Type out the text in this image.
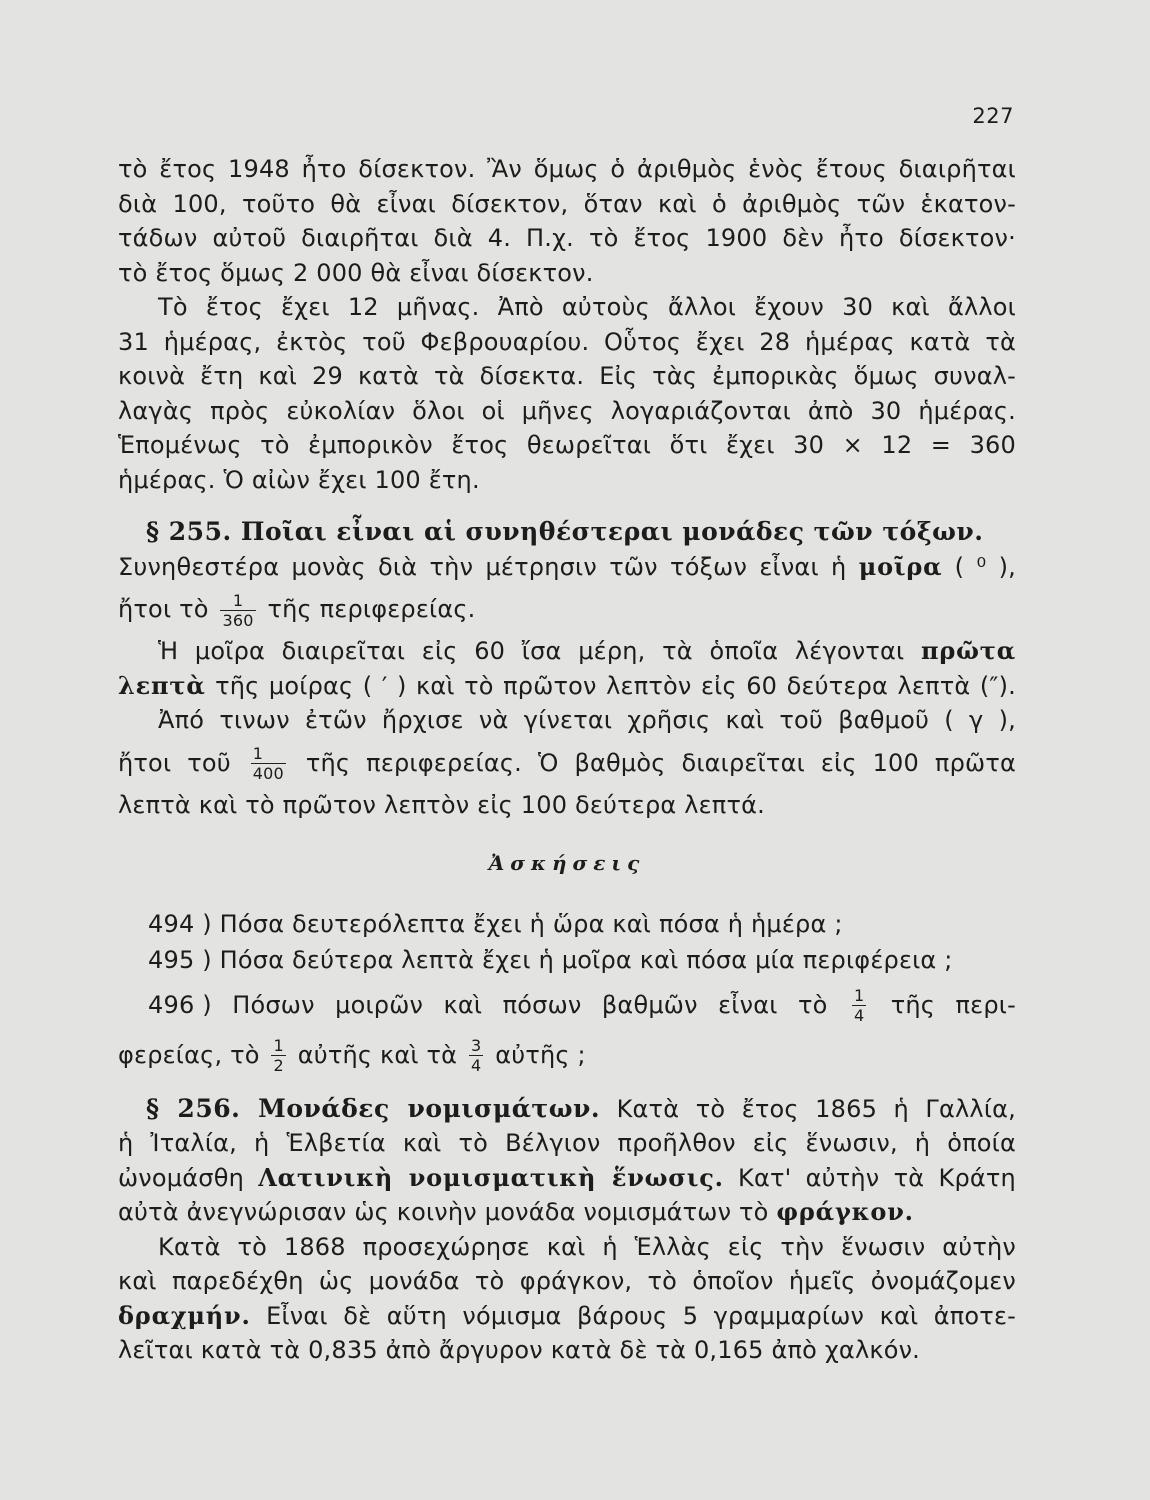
227

τὸ ἔτος 1948 ἦτο δίσεκτον. Ἂν ὅμως ὁ ἀριθμὸς ἑνὸς ἔτους διαιρῆται

διὰ 100, τοῦτο θὰ εἶναι δίσεκτον, ὅταν καὶ ὁ ἀριθμὸς τῶν ἑκατον-

τάδων αὐτοῦ διαιρῆται διὰ 4. Π.χ. τὸ ἔτος 1900 δὲν ἦτο δίσεκτον·

τὸ ἔτος ὅμως 2 000 θὰ εἶναι δίσεκτον.

Τὸ ἔτος ἔχει 12 μῆνας. Ἀπὸ αὐτοὺς ἄλλοι ἔχουν 30 καὶ ἄλλοι

31 ἡμέρας, ἐκτὸς τοῦ Φεβρουαρίου. Οὗτος ἔχει 28 ἡμέρας κατὰ τὰ

κοινὰ ἔτη καὶ 29 κατὰ τὰ δίσεκτα. Εἰς τὰς ἐμπορικὰς ὅμως συναλ-

λαγὰς πρὸς εὐκολίαν ὅλοι οἱ μῆνες λογαριάζονται ἀπὸ 30 ἡμέρας.

Ἑπομένως τὸ ἐμπορικὸν ἔτος θεωρεῖται ὅτι ἔχει 30 × 12 = 360

ἡμέρας. Ὁ αἰὼν ἔχει 100 ἔτη.

§ 255. Ποῖαι εἶναι αἱ συνηθέστεραι μονάδες τῶν τόξων.

Συνηθεστέρα μονὰς διὰ τὴν μέτρησιν τῶν τόξων εἶναι ἡ μοῖρα ( ⁰ ),

ἤτοι τὸ $\frac{1}{360}$ τῆς περιφερείας.

Ἡ μοῖρα διαιρεῖται εἰς 60 ἴσα μέρη, τὰ ὁποῖα λέγονται πρῶτα

λεπτὰ τῆς μοίρας ( ′ ) καὶ τὸ πρῶτον λεπτὸν εἰς 60 δεύτερα λεπτὰ (″).

Ἀπό τινων ἐτῶν ἤρχισε νὰ γίνεται χρῆσις καὶ τοῦ βαθμοῦ ( γ ),

ἤτοι τοῦ $\frac{1}{400}$ τῆς περιφερείας. Ὁ βαθμὸς διαιρεῖται εἰς 100 πρῶτα

λεπτὰ καὶ τὸ πρῶτον λεπτὸν εἰς 100 δεύτερα λεπτά.

Ἀσκήσεις

494 ) Πόσα δευτερόλεπτα ἔχει ἡ ὥρα καὶ πόσα ἡ ἡμέρα ;

495 ) Πόσα δεύτερα λεπτὰ ἔχει ἡ μοῖρα καὶ πόσα μία περιφέρεια ;

496 ) Πόσων μοιρῶν καὶ πόσων βαθμῶν εἶναι τὸ $\frac{1}{4}$ τῆς περι-

φερείας, τὸ $\frac{1}{2}$ αὐτῆς καὶ τὰ $\frac{3}{4}$ αὐτῆς ;

§ 256. Μονάδες νομισμάτων. Κατὰ τὸ ἔτος 1865 ἡ Γαλλία,

ἡ Ἰταλία, ἡ Ἑλβετία καὶ τὸ Βέλγιον προῆλθον εἰς ἕνωσιν, ἡ ὁποία

ὠνομάσθη Λατινικὴ νομισματικὴ ἕνωσις. Κατ' αὐτὴν τὰ Κράτη

αὐτὰ ἀνεγνώρισαν ὡς κοινὴν μονάδα νομισμάτων τὸ φράγκον.

Κατὰ τὸ 1868 προσεχώρησε καὶ ἡ Ἑλλὰς εἰς τὴν ἕνωσιν αὐτὴν

καὶ παρεδέχθη ὡς μονάδα τὸ φράγκον, τὸ ὁποῖον ἡμεῖς ὀνομάζομεν

δραχμήν. Εἶναι δὲ αὕτη νόμισμα βάρους 5 γραμμαρίων καὶ ἀποτε-

λεῖται κατὰ τὰ 0,835 ἀπὸ ἄργυρον κατὰ δὲ τὰ 0,165 ἀπὸ χαλκόν.
